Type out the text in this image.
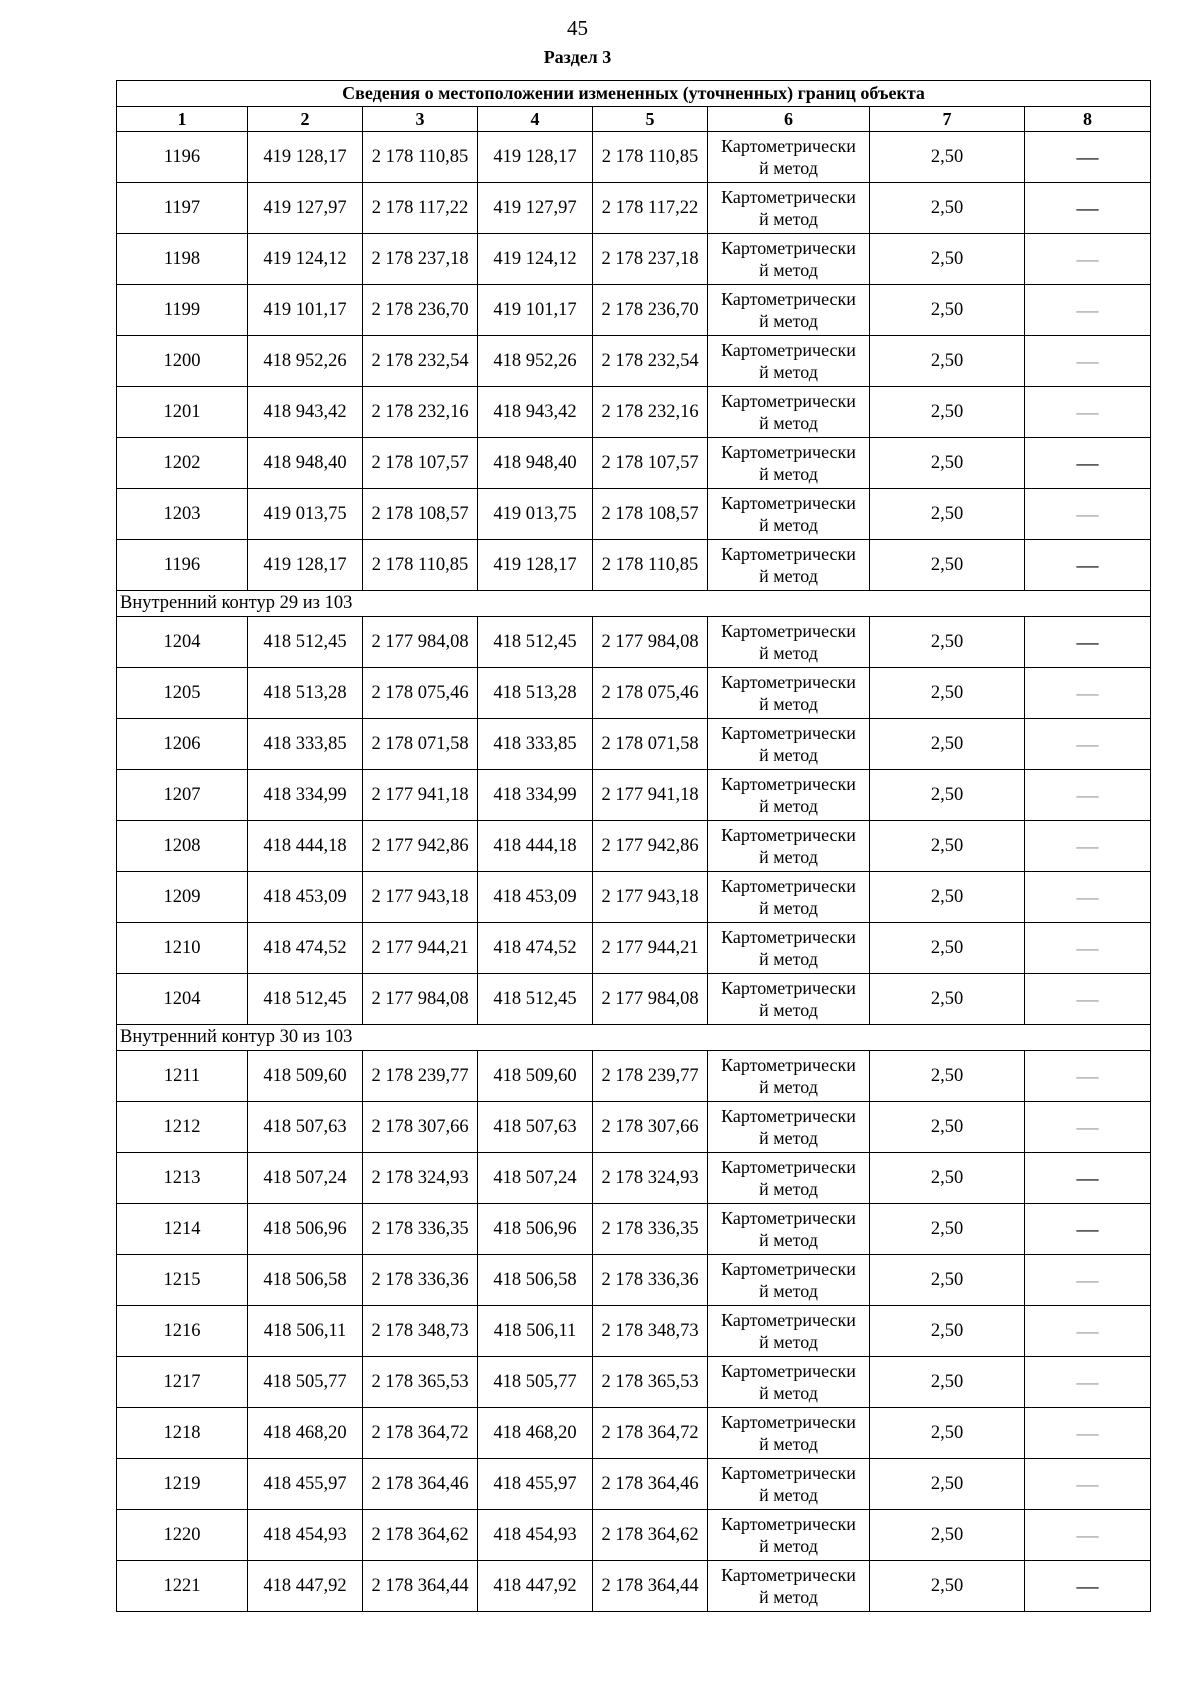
45
Раздел 3
Сведения о местоположении измененных (уточненных) границ объекта							
1	2	3	4	5	6	7	8
1196	419 128,17	2 178 110,85	419 128,17	2 178 110,85	Картометрически
й метод	2,50	—
1197	419 127,97	2 178 117,22	419 127,97	2 178 117,22	Картометрически
й метод	2,50	—
1198	419 124,12	2 178 237,18	419 124,12	2 178 237,18	Картометрически
й метод	2,50	—
1199	419 101,17	2 178 236,70	419 101,17	2 178 236,70	Картометрически
й метод	2,50	—
1200	418 952,26	2 178 232,54	418 952,26	2 178 232,54	Картометрически
й метод	2,50	—
1201	418 943,42	2 178 232,16	418 943,42	2 178 232,16	Картометрически
й метод	2,50	—
1202	418 948,40	2 178 107,57	418 948,40	2 178 107,57	Картометрически
й метод	2,50	—
1203	419 013,75	2 178 108,57	419 013,75	2 178 108,57	Картометрически
й метод	2,50	—
1196	419 128,17	2 178 110,85	419 128,17	2 178 110,85	Картометрически
й метод	2,50	—
Внутренний контур 29 из 103							
1204	418 512,45	2 177 984,08	418 512,45	2 177 984,08	Картометрически
й метод	2,50	—
1205	418 513,28	2 178 075,46	418 513,28	2 178 075,46	Картометрически
й метод	2,50	—
1206	418 333,85	2 178 071,58	418 333,85	2 178 071,58	Картометрически
й метод	2,50	—
1207	418 334,99	2 177 941,18	418 334,99	2 177 941,18	Картометрически
й метод	2,50	—
1208	418 444,18	2 177 942,86	418 444,18	2 177 942,86	Картометрически
й метод	2,50	—
1209	418 453,09	2 177 943,18	418 453,09	2 177 943,18	Картометрически
й метод	2,50	—
1210	418 474,52	2 177 944,21	418 474,52	2 177 944,21	Картометрически
й метод	2,50	—
1204	418 512,45	2 177 984,08	418 512,45	2 177 984,08	Картометрически
й метод	2,50	—
Внутренний контур 30 из 103							
1211	418 509,60	2 178 239,77	418 509,60	2 178 239,77	Картометрически
й метод	2,50	—
1212	418 507,63	2 178 307,66	418 507,63	2 178 307,66	Картометрически
й метод	2,50	—
1213	418 507,24	2 178 324,93	418 507,24	2 178 324,93	Картометрически
й метод	2,50	—
1214	418 506,96	2 178 336,35	418 506,96	2 178 336,35	Картометрически
й метод	2,50	—
1215	418 506,58	2 178 336,36	418 506,58	2 178 336,36	Картометрически
й метод	2,50	—
1216	418 506,11	2 178 348,73	418 506,11	2 178 348,73	Картометрически
й метод	2,50	—
1217	418 505,77	2 178 365,53	418 505,77	2 178 365,53	Картометрически
й метод	2,50	—
1218	418 468,20	2 178 364,72	418 468,20	2 178 364,72	Картометрически
й метод	2,50	—
1219	418 455,97	2 178 364,46	418 455,97	2 178 364,46	Картометрически
й метод	2,50	—
1220	418 454,93	2 178 364,62	418 454,93	2 178 364,62	Картометрически
й метод	2,50	—
1221	418 447,92	2 178 364,44	418 447,92	2 178 364,44	Картометрически
й метод	2,50	—
